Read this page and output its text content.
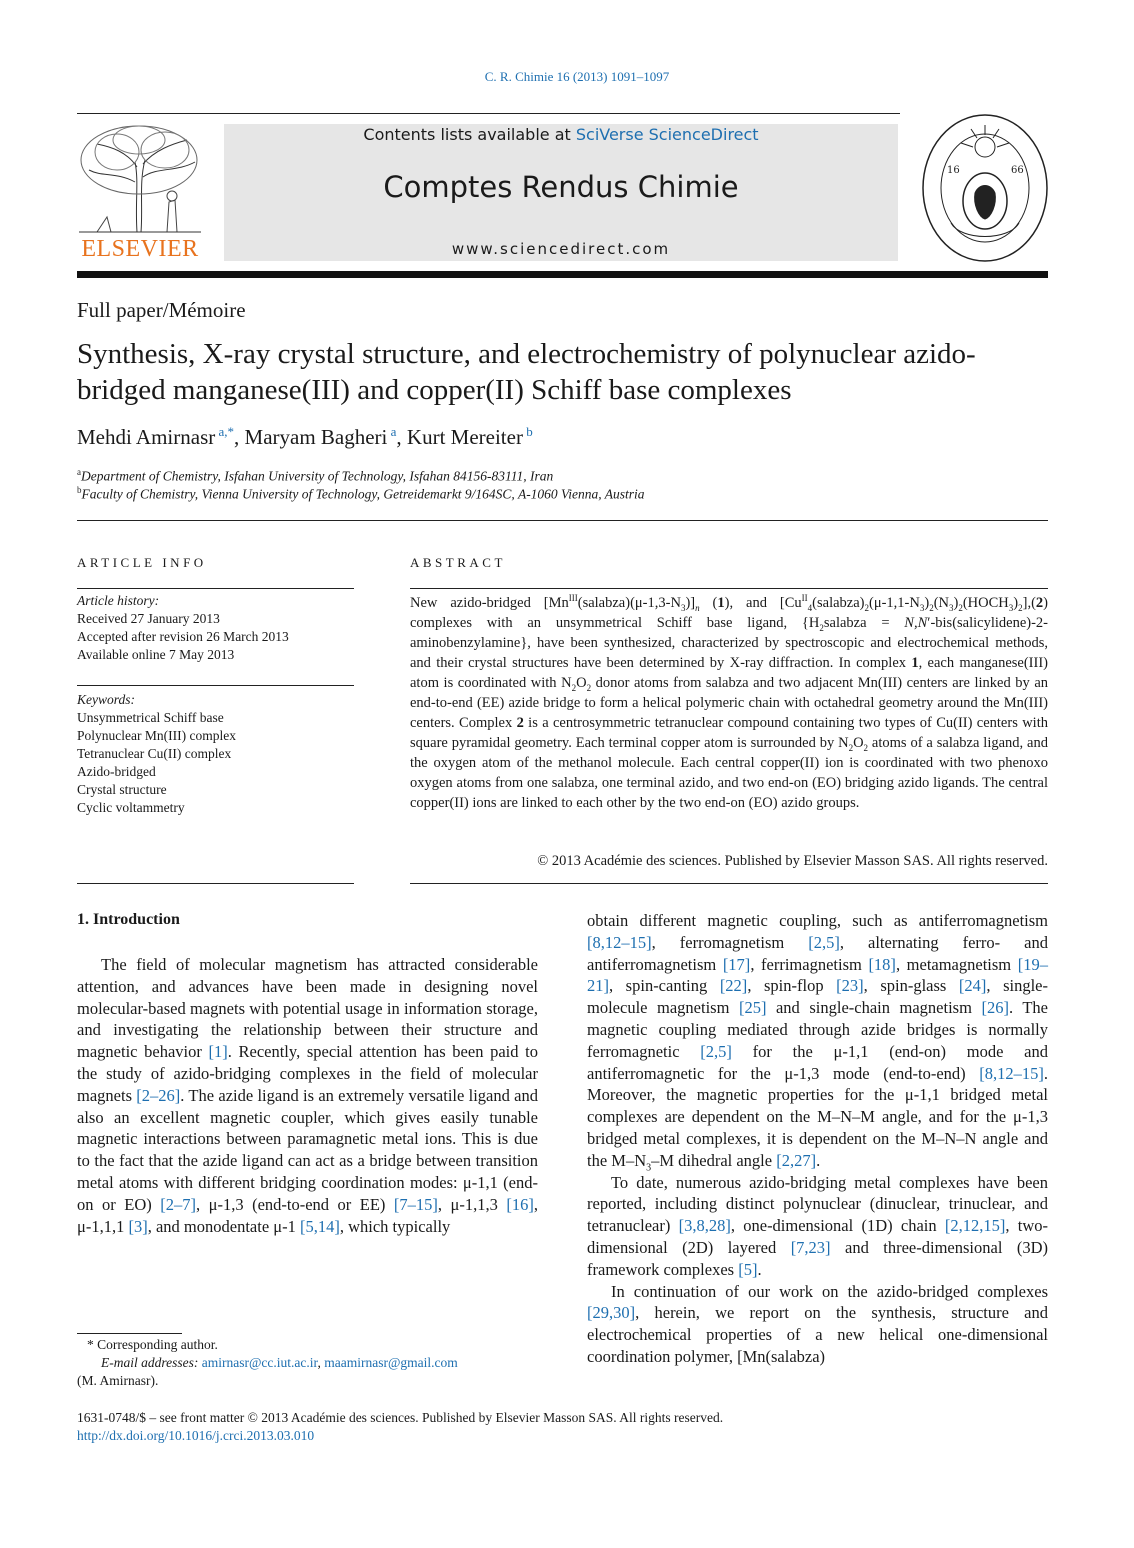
C. R. Chimie 16 (2013) 1091–1097
ELSEVIER
Contents lists available at SciVerse ScienceDirect
Comptes Rendus Chimie
www.sciencedirect.com
16	66
Full paper/Mémoire
Synthesis, X-ray crystal structure, and electrochemistry of polynuclear azido-bridged manganese(III) and copper(II) Schiff base complexes
Mehdi Amirnasr $^{a,*}$, Maryam Bagheri $^a$, Kurt Mereiter $^b$
$^a$Department of Chemistry, Isfahan University of Technology, Isfahan 84156-83111, Iran
$^b$Faculty of Chemistry, Vienna University of Technology, Getreidemarkt 9/164SC, A-1060 Vienna, Austria
ARTICLE INFO
Article history:
Received 27 January 2013
Accepted after revision 26 March 2013
Available online 7 May 2013
Keywords:
Unsymmetrical Schiff base
Polynuclear Mn(III) complex
Tetranuclear Cu(II) complex
Azido-bridged
Crystal structure
Cyclic voltammetry
ABSTRACT
New azido-bridged $[Mn^{III}(salabza)(\mu-1,3-N_3)]_n$ (1), and $[Cu^{II}_4(salabza)_2(\mu-1,1-N_3)_2(N_3)_2(HOCH_3)_2],(2)$ complexes with an unsymmetrical Schiff base ligand, {$H_2salabza$ = N,N′-bis(salicylidene)-2-aminobenzylamine}, have been synthesized, characterized by spectroscopic and electrochemical methods, and their crystal structures have been determined by X-ray diffraction. In complex 1, each manganese(III) atom is coordinated with $N_2O_2$ donor atoms from salabza and two adjacent Mn(III) centers are linked by an end-to-end (EE) azide bridge to form a helical polymeric chain with octahedral geometry around the Mn(III) centers. Complex 2 is a centrosymmetric tetranuclear compound containing two types of Cu(II) centers with square pyramidal geometry. Each terminal copper atom is surrounded by $N_2O_2$ atoms of a salabza ligand, and the oxygen atom of the methanol molecule. Each central copper(II) ion is coordinated with two phenoxo oxygen atoms from one salabza, one terminal azido, and two end-on (EO) bridging azido ligands. The central copper(II) ions are linked to each other by the two end-on (EO) azido groups.
© 2013 Académie des sciences. Published by Elsevier Masson SAS. All rights reserved.
1. Introduction

The field of molecular magnetism has attracted considerable attention, and advances have been made in designing novel molecular-based magnets with potential usage in information storage, and investigating the relationship between their structure and magnetic behavior [1]. Recently, special attention has been paid to the study of azido-bridging complexes in the field of molecular magnets [2–26]. The azide ligand is an extremely versatile ligand and also an excellent magnetic coupler, which gives easily tunable magnetic interactions between paramagnetic metal ions. This is due to the fact that the azide ligand can act as a bridge between transition metal atoms with different bridging coordination modes: μ-1,1 (end-on or EO) [2–7], μ-1,3 (end-to-end or EE) [7–15], μ-1,1,3 [16], μ-1,1,1 [3], and monodentate μ-1 [5,14], which typically

obtain different magnetic coupling, such as antiferromagnetism [8,12–15], ferromagnetism [2,5], alternating ferro- and antiferromagnetism [17], ferrimagnetism [18], metamagnetism [19–21], spin-canting [22], spin-flop [23], spin-glass [24], single-molecule magnetism [25] and single-chain magnetism [26]. The magnetic coupling mediated through azide bridges is normally ferromagnetic [2,5] for the μ-1,1 (end-on) mode and antiferromagnetic for the μ-1,3 mode (end-to-end) [8,12–15]. Moreover, the magnetic properties for the μ-1,1 bridged metal complexes are dependent on the M–N–M angle, and for the μ-1,3 bridged metal complexes, it is dependent on the M–N–N angle and the $M-N_3-M$ dihedral angle [2,27].

To date, numerous azido-bridging metal complexes have been reported, including distinct polynuclear (dinuclear, trinuclear, and tetranuclear) [3,8,28], one-dimensional (1D) chain [2,12,15], two-dimensional (2D) layered [7,23] and three-dimensional (3D) framework complexes [5].

In continuation of our work on the azido-bridged complexes [29,30], herein, we report on the synthesis, structure and electrochemical properties of a new helical one-dimensional coordination polymer, [Mn(salabza)

* Corresponding author.
E-mail addresses: amirnasr@cc.iut.ac.ir, maamirnasr@gmail.com
(M. Amirnasr).
1631-0748/$ – see front matter © 2013 Académie des sciences. Published by Elsevier Masson SAS. All rights reserved.
http://dx.doi.org/10.1016/j.crci.2013.03.010
